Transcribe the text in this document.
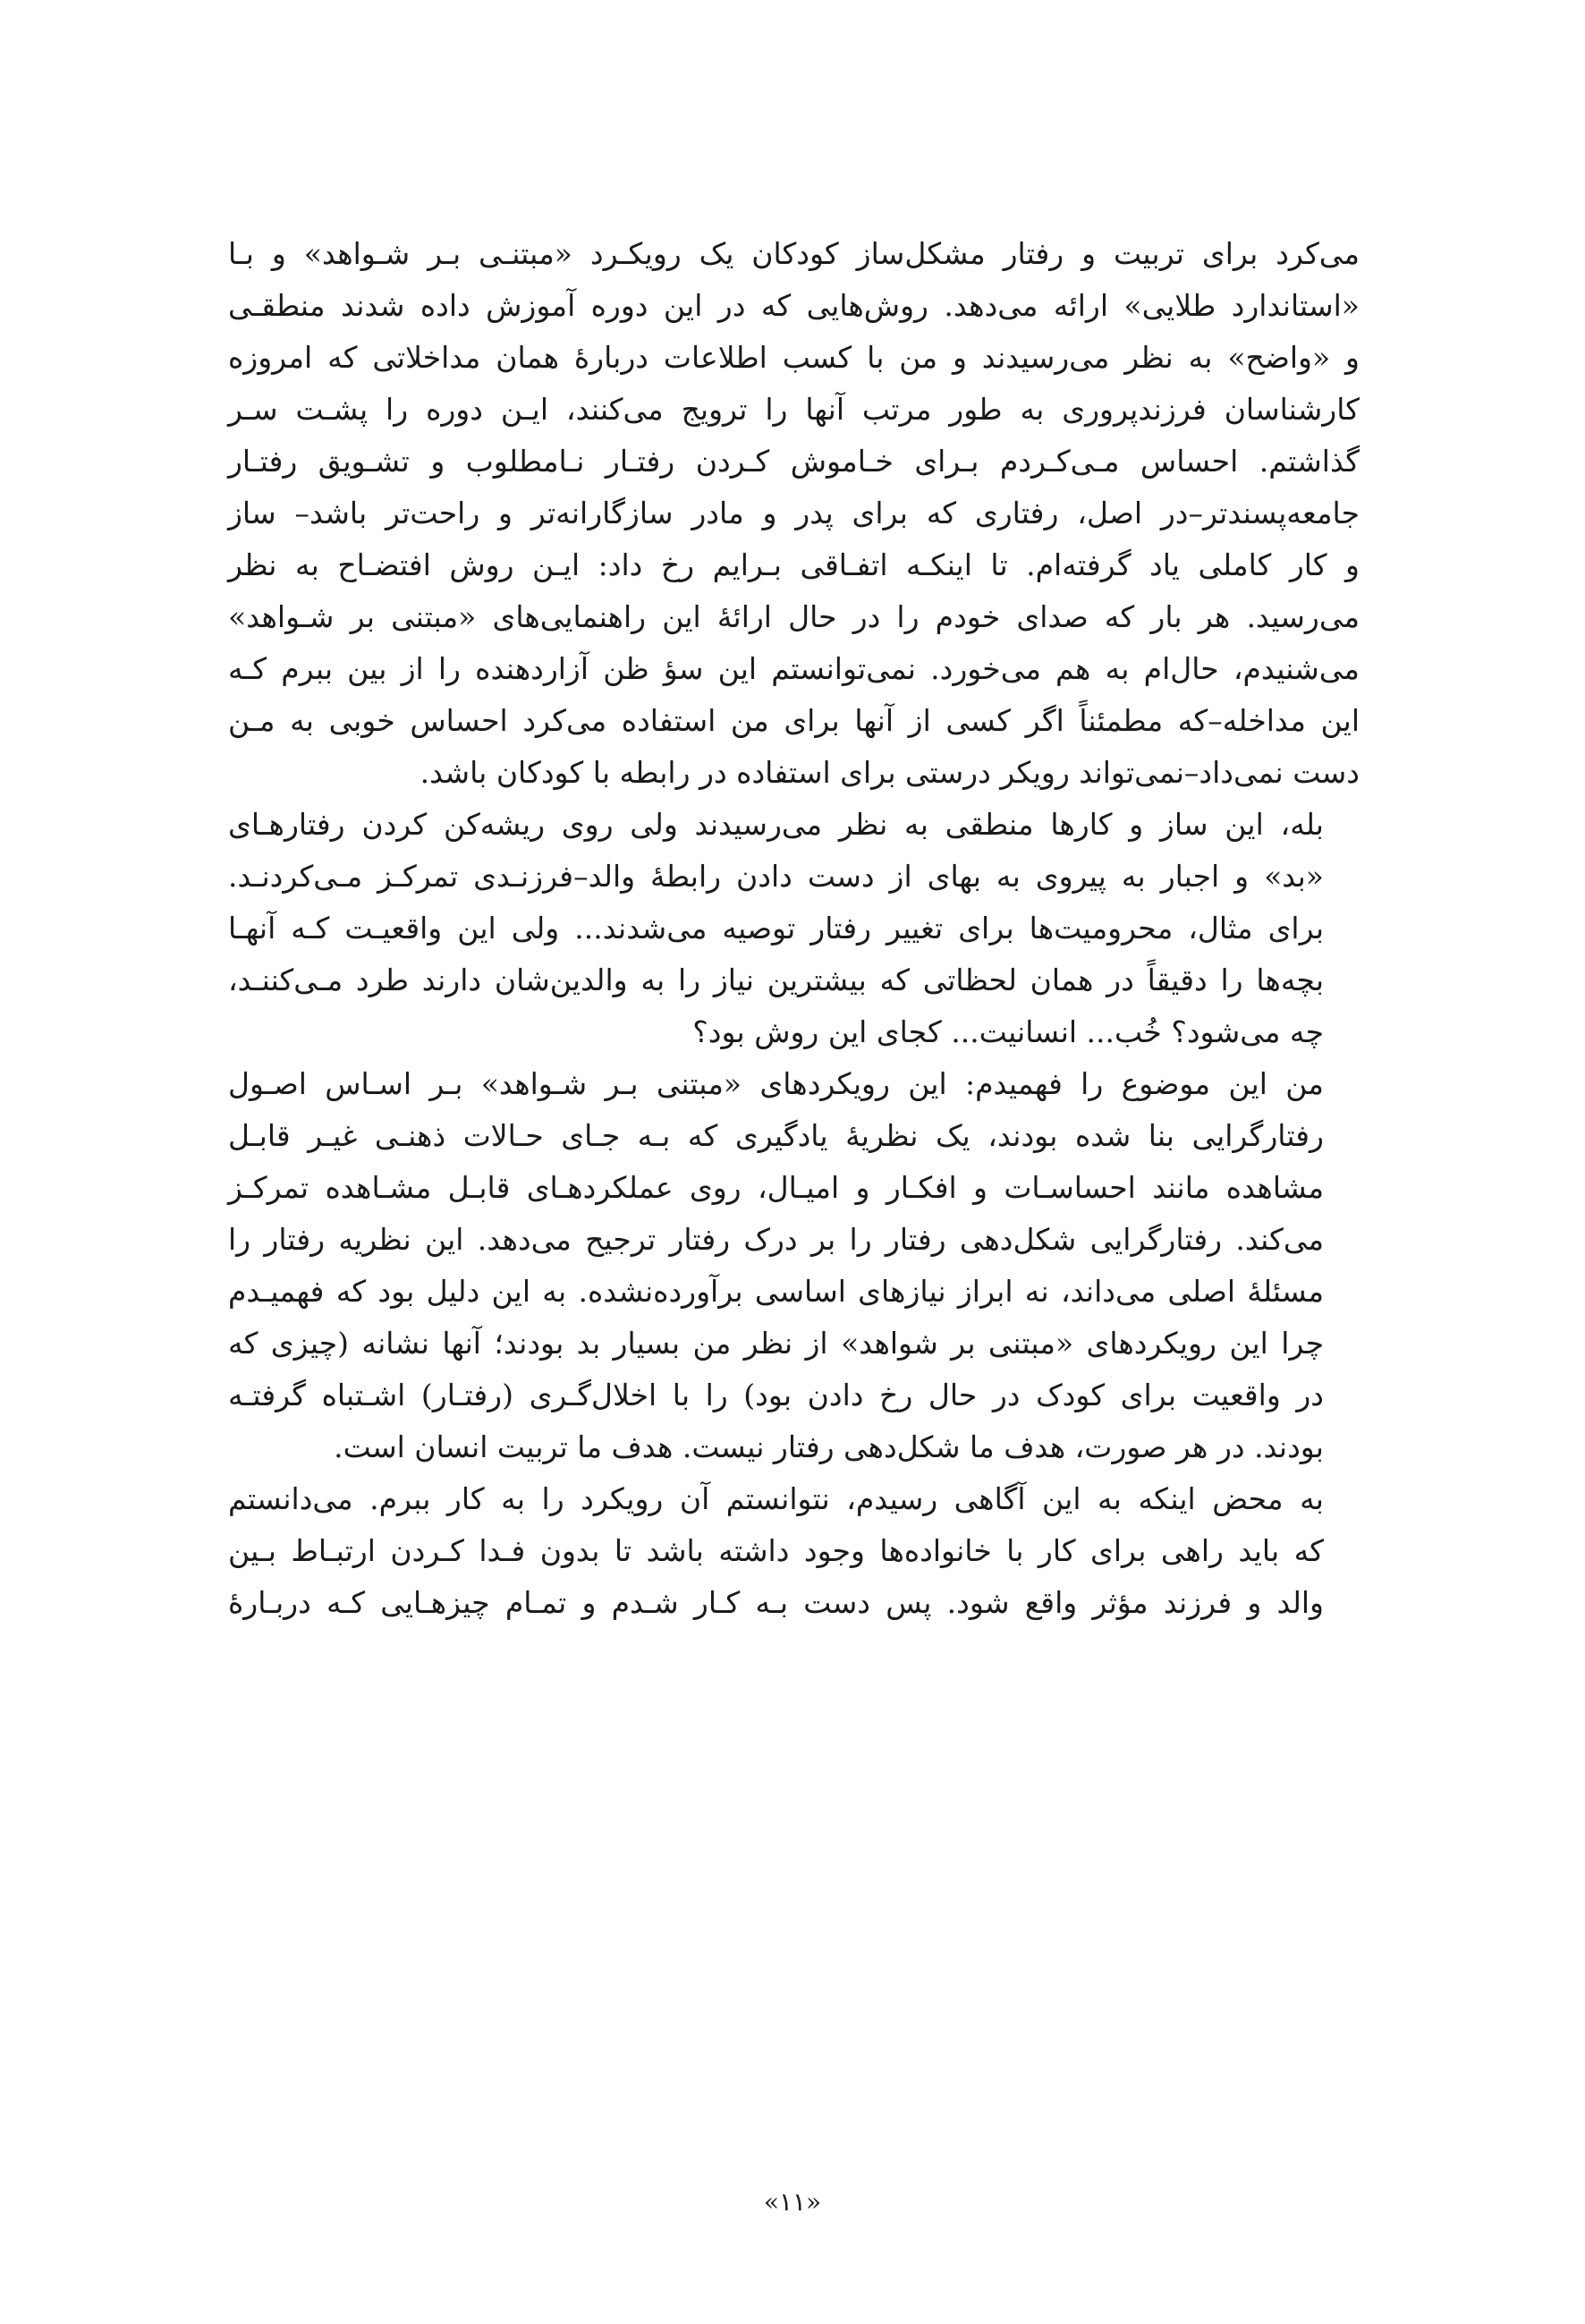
می‌کرد برای تربیت و رفتار مشکل‌ساز کودکان یک رویکـرد «مبتنـی بـر شـواهد» و بـا
«استاندارد طلایی» ارائه می‌دهد. روش‌هایی که در این دوره آموزش داده شدند منطقـی
و «واضح» به نظر می‌رسیدند و من با کسب اطلاعات دربارهٔ همان مداخلاتی که امروزه
کارشناسان فرزندپروری به طور مرتب آنها را ترویج می‌کنند، ایـن دوره را پشـت سـر
گذاشتم. احساس مـی‌کـردم بـرای خـاموش کـردن رفتـار نـامطلوب و تشـویق رفتـار
جامعه‌پسندتر–در اصل، رفتاری که برای پدر و مادر سازگارانه‌تر و راحت‌تر باشد– ساز
و کار کاملی یاد گرفته‌ام. تا اینکـه اتفـاقی بـرایم رخ داد: ایـن روش افتضـاح به نظر
می‌رسید. هر بار که صدای خودم را در حال ارائهٔ این راهنمایی‌های «مبتنی بر شـواهد»
می‌شنیدم، حال‌ام به هم می‌خورد. نمی‌توانستم این سؤ ظن آزاردهنده را از بین ببرم کـه
این مداخله–که مطمئناً اگر کسی از آنها برای من استفاده می‌کرد احساس خوبی به مـن
دست نمی‌داد–نمی‌تواند رویکر درستی برای استفاده در رابطه با کودکان باشد.

بله، این ساز و کارها منطقی به نظر می‌رسیدند ولی روی ریشه‌کن کردن رفتارهـای
«بد» و اجبار به پیروی به بهای از دست دادن رابطهٔ والد–فرزنـدی تمرکـز مـی‌کردنـد.
برای مثال، محرومیت‌ها برای تغییر رفتار توصیه می‌شدند... ولی این واقعیـت کـه آنهـا
بچه‌ها را دقیقاً در همان لحظاتی که بیشترین نیاز را به والدین‌شان دارند طرد مـی‌کننـد،
چه می‌شود؟ خُب... انسانیت... کجای این روش بود؟

من این موضوع را فهمیدم: این رویکردهای «مبتنی بـر شـواهد» بـر اسـاس اصـول
رفتارگرایی بنا شده بودند، یک نظریهٔ یادگیری که بـه جـای حـالات ذهنـی غیـر قابـل
مشاهده مانند احساسـات و افکـار و امیـال، روی عملکردهـای قابـل مشـاهده تمرکـز
می‌کند. رفتارگرایی شکل‌دهی رفتار را بر درک رفتار ترجیح می‌دهد. این نظریه رفتار را
مسئلهٔ اصلی می‌داند، نه ابراز نیازهای اساسی برآورده‌نشده. به این دلیل بود که فهمیـدم
چرا این رویکردهای «مبتنی بر شواهد» از نظر من بسیار بد بودند؛ آنها نشانه (چیزی که
در واقعیت برای کودک در حال رخ دادن بود) را با اخلال‌گـری (رفتـار) اشـتباه گرفتـه
بودند. در هر صورت، هدف ما شکل‌دهی رفتار نیست. هدف ما تربیت انسان است.

به محض اینکه به این آگاهی رسیدم، نتوانستم آن رویکرد را به کار ببرم. می‌دانستم
که باید راهی برای کار با خانواده‌ها وجود داشته باشد تا بدون فـدا کـردن ارتبـاط بـین
والد و فرزند مؤثر واقع شود. پس دست بـه کـار شـدم و تمـام چیزهـایی کـه دربـارهٔ

«۱۱»
